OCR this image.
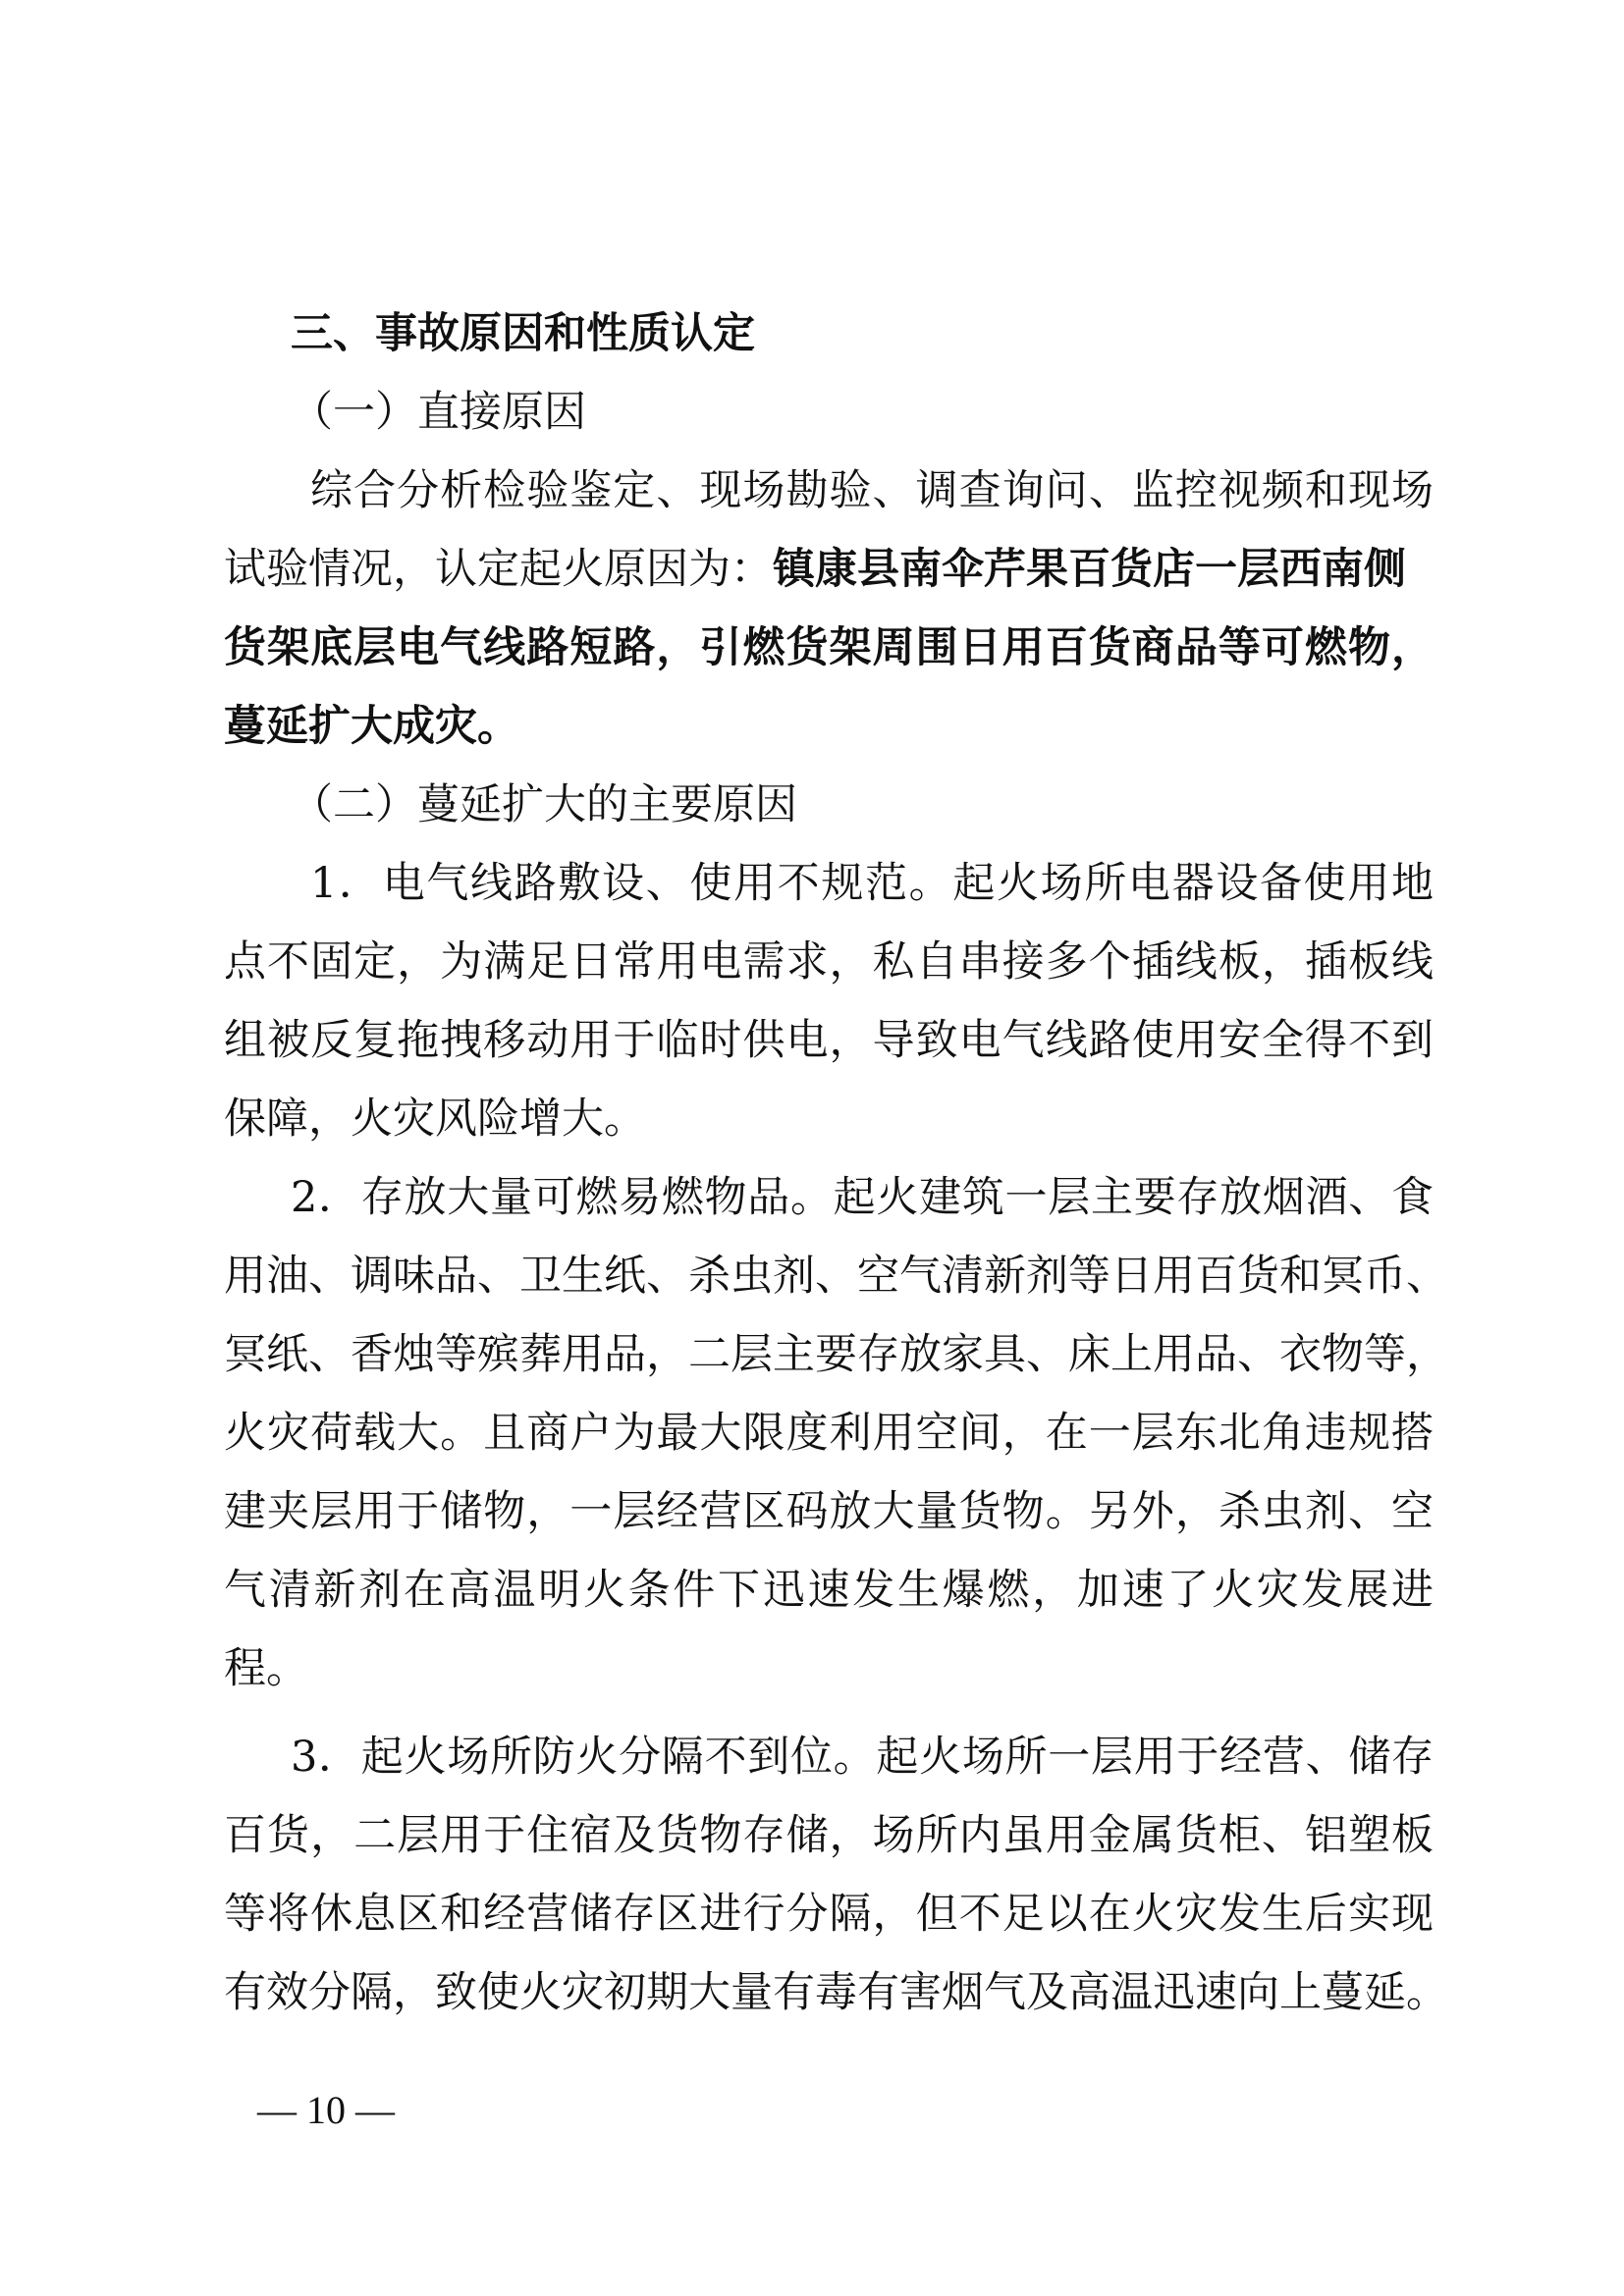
三、事故原因和性质认定
（一）直接原因
综合分析检验鉴定、现场勘验、调查询问、监控视频和现场
试验情况，认定起火原因为：镇康县南伞芹果百货店一层西南侧
货架底层电气线路短路，引燃货架周围日用百货商品等可燃物，
蔓延扩大成灾。
（二）蔓延扩大的主要原因
1．电气线路敷设、使用不规范。起火场所电器设备使用地
点不固定，为满足日常用电需求，私自串接多个插线板，插板线
组被反复拖拽移动用于临时供电，导致电气线路使用安全得不到
保障，火灾风险增大。
2．存放大量可燃易燃物品。起火建筑一层主要存放烟酒、食
用油、调味品、卫生纸、杀虫剂、空气清新剂等日用百货和冥币、
冥纸、香烛等殡葬用品，二层主要存放家具、床上用品、衣物等，
火灾荷载大。且商户为最大限度利用空间，在一层东北角违规搭
建夹层用于储物，一层经营区码放大量货物。另外，杀虫剂、空
气清新剂在高温明火条件下迅速发生爆燃，加速了火灾发展进
程。
3．起火场所防火分隔不到位。起火场所一层用于经营、储存
百货，二层用于住宿及货物存储，场所内虽用金属货柜、铝塑板
等将休息区和经营储存区进行分隔，但不足以在火灾发生后实现
有效分隔，致使火灾初期大量有毒有害烟气及高温迅速向上蔓延。
— 10 —
